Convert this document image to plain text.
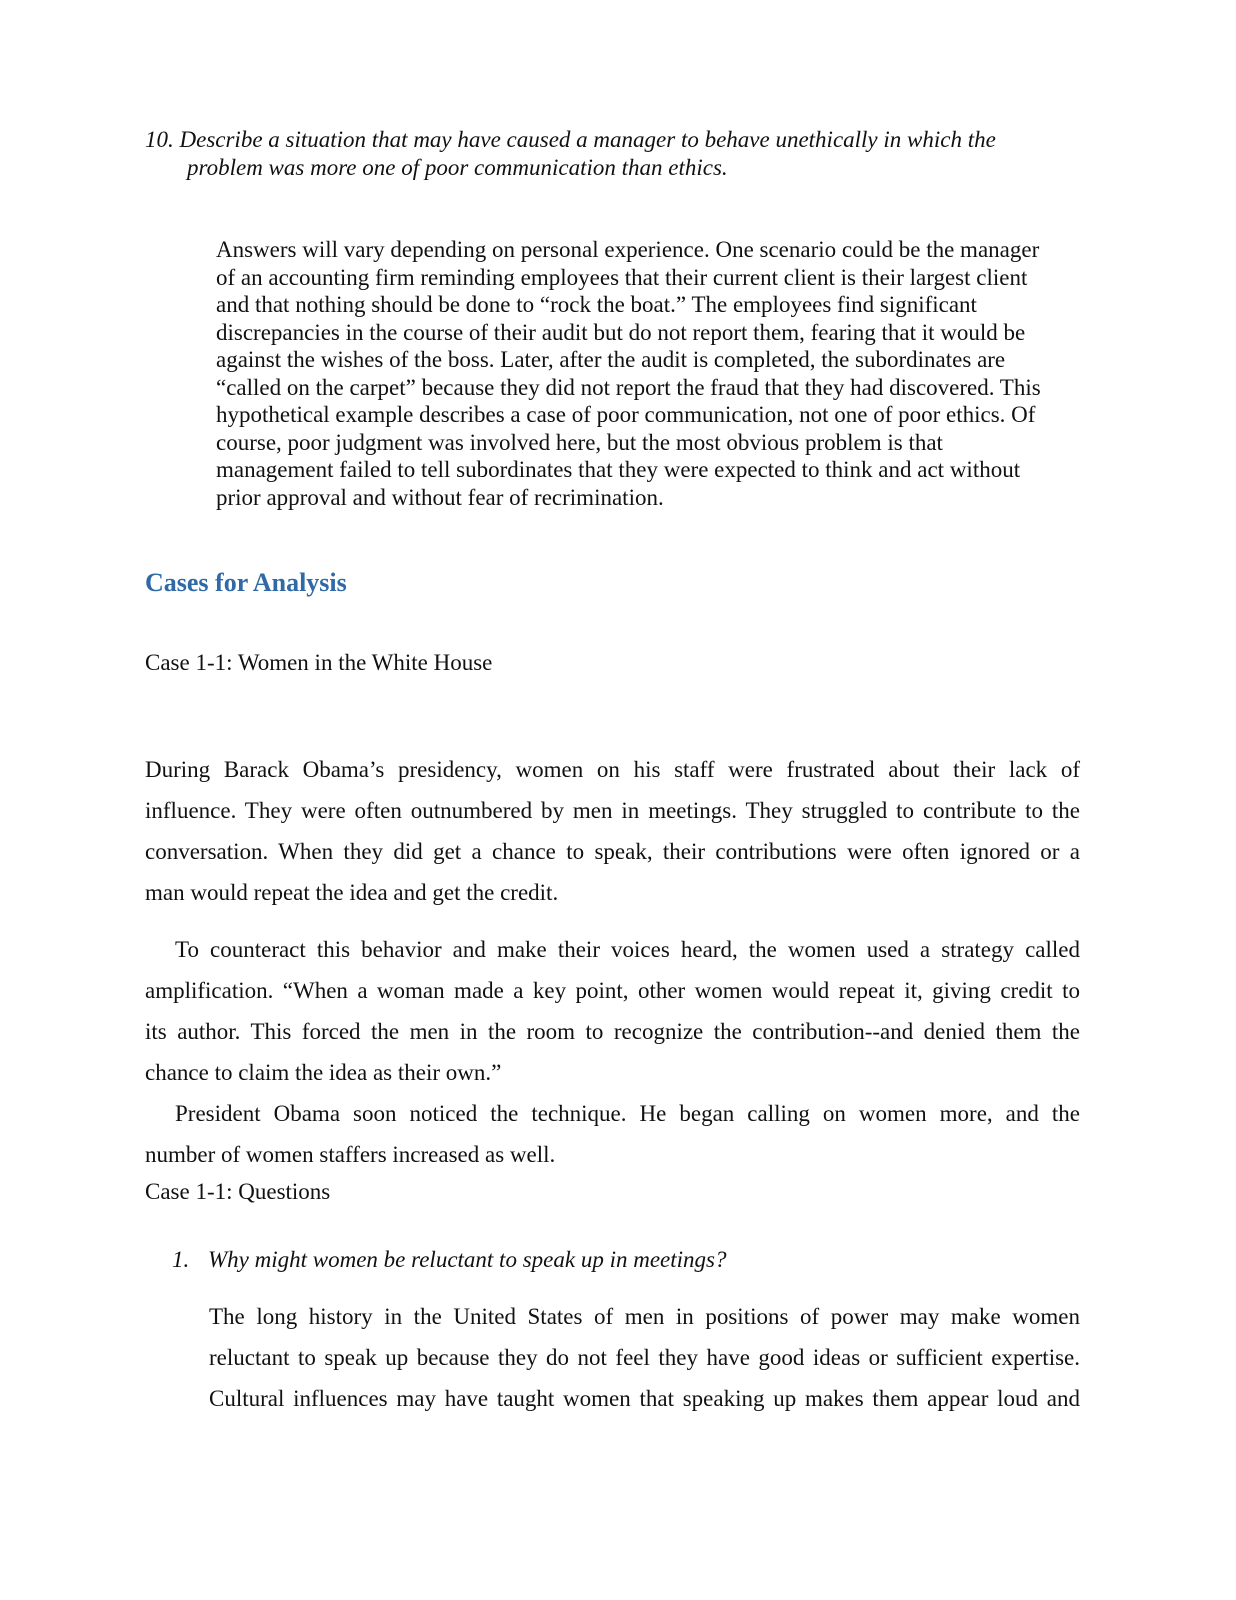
10. Describe a situation that may have caused a manager to behave unethically in which the
problem was more one of poor communication than ethics.
Answers will vary depending on personal experience. One scenario could be the manager
of an accounting firm reminding employees that their current client is their largest client
and that nothing should be done to “rock the boat.” The employees find significant
discrepancies in the course of their audit but do not report them, fearing that it would be
against the wishes of the boss. Later, after the audit is completed, the subordinates are
“called on the carpet” because they did not report the fraud that they had discovered. This
hypothetical example describes a case of poor communication, not one of poor ethics. Of
course, poor judgment was involved here, but the most obvious problem is that
management failed to tell subordinates that they were expected to think and act without
prior approval and without fear of recrimination.
Cases for Analysis
Case 1-1: Women in the White House
During Barack Obama’s presidency, women on his staff were frustrated about their lack of
influence. They were often outnumbered by men in meetings. They struggled to contribute to the
conversation. When they did get a chance to speak, their contributions were often ignored or a
man would repeat the idea and get the credit.
To counteract this behavior and make their voices heard, the women used a strategy called
amplification. “When a woman made a key point, other women would repeat it, giving credit to
its author. This forced the men in the room to recognize the contribution--and denied them the
chance to claim the idea as their own.”
President Obama soon noticed the technique. He began calling on women more, and the
number of women staffers increased as well.
Case 1-1: Questions
1. Why might women be reluctant to speak up in meetings?
The long history in the United States of men in positions of power may make women
reluctant to speak up because they do not feel they have good ideas or sufficient expertise.
Cultural influences may have taught women that speaking up makes them appear loud and
